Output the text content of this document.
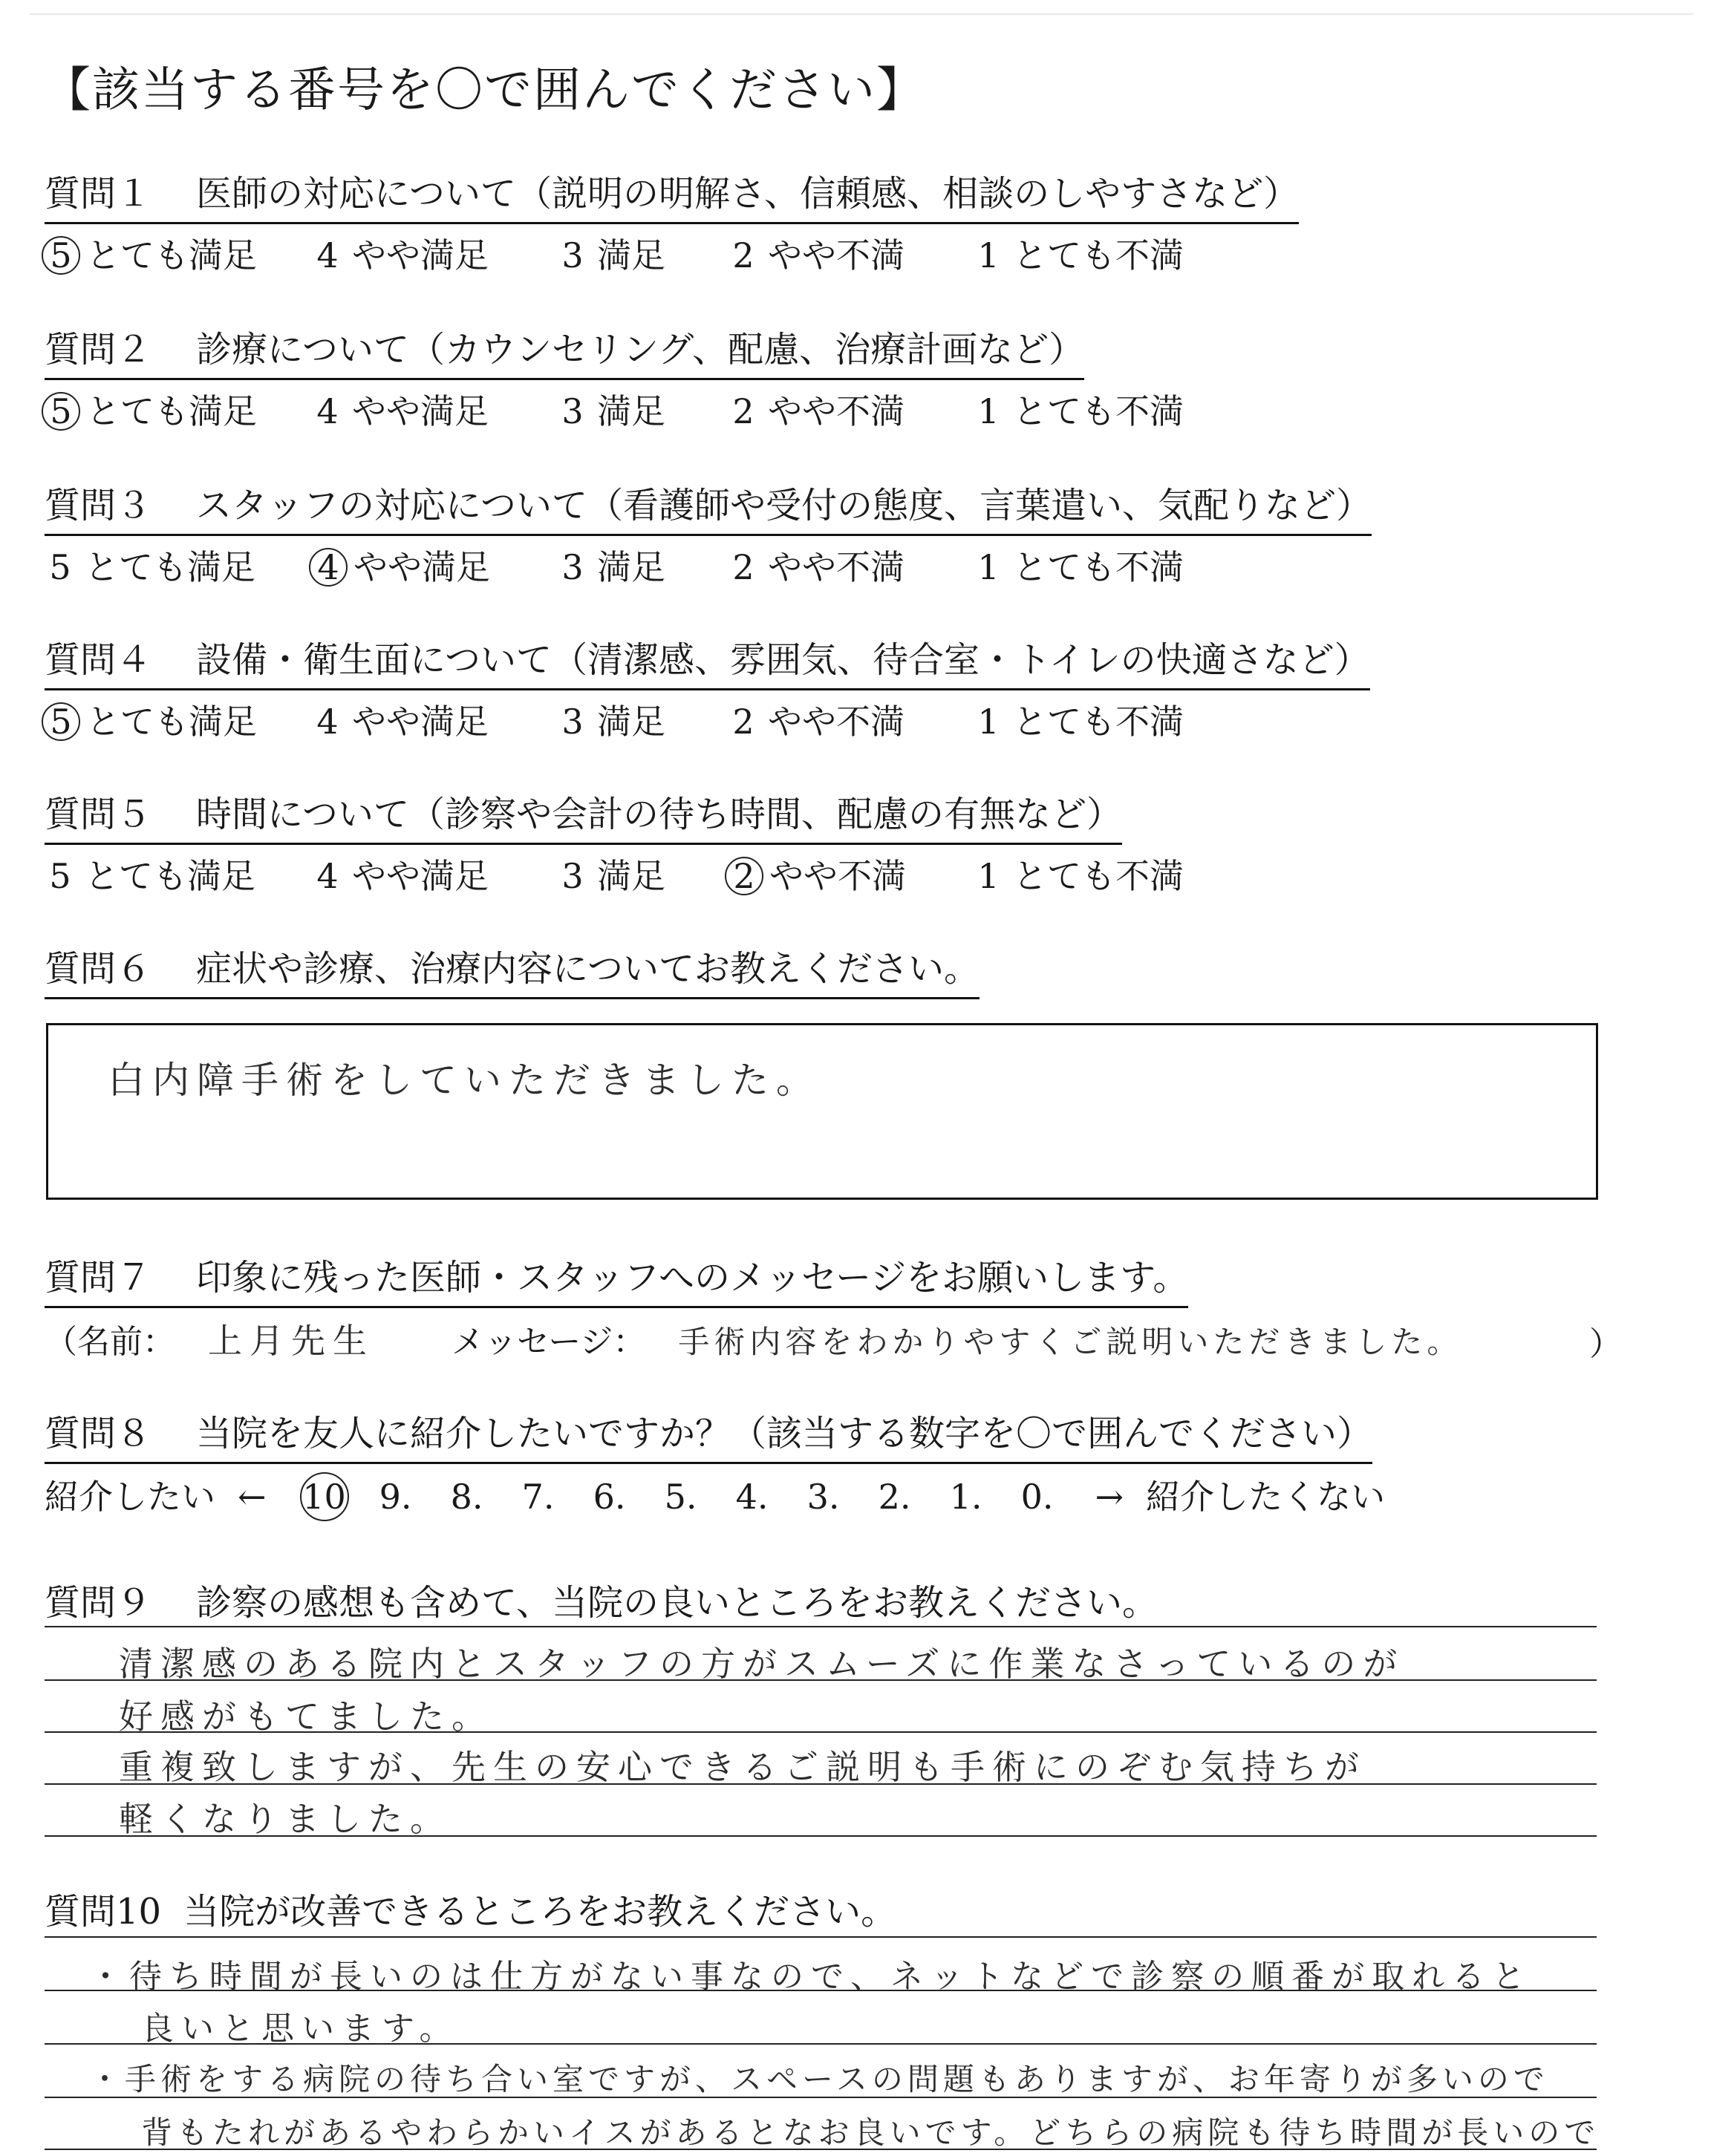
【該当する番号を〇で囲んでください】
質問１ 医師の対応について（説明の明解さ、信頼感、相談のしやすさなど）
5 とても満足 4 やや満足 3 満足 2 やや不満 1 とても不満
質問２ 診療について（カウンセリング、配慮、治療計画など）
5 とても満足 4 やや満足 3 満足 2 やや不満 1 とても不満
質問３ スタッフの対応について（看護師や受付の態度、言葉遣い、気配りなど）
5 とても満足 4 やや満足 3 満足 2 やや不満 1 とても不満
質問４ 設備・衛生面について（清潔感、雰囲気、待合室・トイレの快適さなど）
5 とても満足 4 やや満足 3 満足 2 やや不満 1 とても不満
質問５ 時間について（診察や会計の待ち時間、配慮の有無など）
5 とても満足 4 やや満足 3 満足 2 やや不満 1 とても不満
質問６ 症状や診療、治療内容についてお教えください。
白内障手術をしていただきました。
質問７ 印象に残った医師・スタッフへのメッセージをお願いします。
（名前： 上月先生 メッセージ： 手術内容をわかりやすくご説明いただきました。	）
質問８ 当院を友人に紹介したいですか？（該当する数字を〇で囲んでください）
紹介したい ← 10 9. 8. 7. 6. 5. 4. 3. 2. 1. 0. → 紹介したくない
質問９ 診察の感想も含めて、当院の良いところをお教えください。
清潔感のある院内とスタッフの方がスムーズに作業なさっているのが
好感がもてました。
重複致しますが、先生の安心できるご説明も手術にのぞむ気持ちが
軽くなりました。
質問10 当院が改善できるところをお教えください。
・待ち時間が長いのは仕方がない事なので、ネットなどで診察の順番が取れると
良いと思います。
・手術をする病院の待ち合い室ですが、スペースの問題もありますが、お年寄りが多いので
背もたれがあるやわらかいイスがあるとなお良いです。どちらの病院も待ち時間が長いので
